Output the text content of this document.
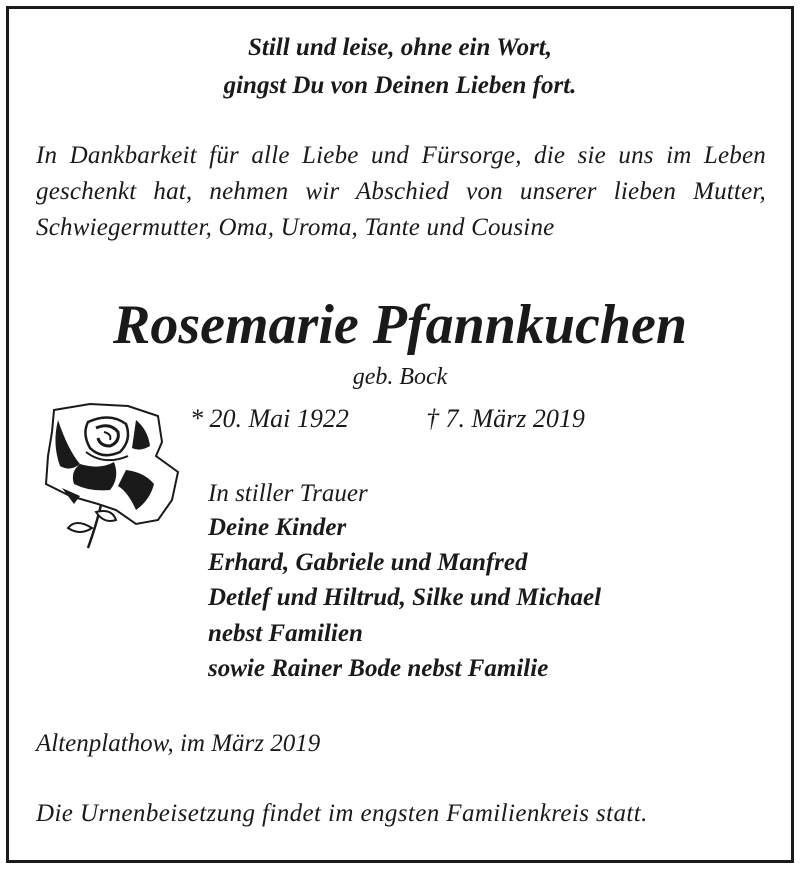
Still und leise, ohne ein Wort,
gingst Du von Deinen Lieben fort.
In Dankbarkeit für alle Liebe und Fürsorge, die sie uns im Leben geschenkt hat, nehmen wir Abschied von unserer lieben Mutter, Schwiegermutter, Oma, Uroma, Tante und Cousine
Rosemarie Pfannkuchen
geb. Bock
* 20. Mai 1922	† 7. März 2019
In stiller Trauer
Deine Kinder
Erhard, Gabriele und Manfred
Detlef und Hiltrud, Silke und Michael
nebst Familien
sowie Rainer Bode nebst Familie
Altenplathow, im März 2019
Die Urnenbeisetzung findet im engsten Familienkreis statt.
